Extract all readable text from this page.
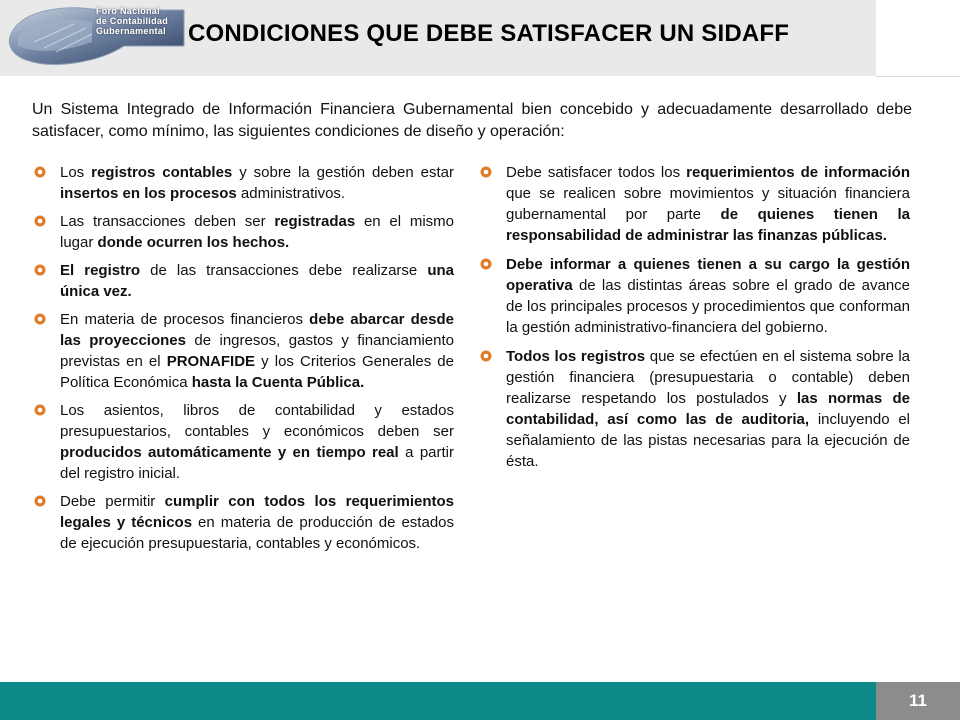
Foro Nacional
de Contabilidad
Gubernamental CONDICIONES QUE DEBE SATISFACER UN SIDAFF
Un Sistema Integrado de Información Financiera Gubernamental bien concebido y adecuadamente desarrollado debe satisfacer, como mínimo, las siguientes condiciones de diseño y operación:
Los registros contables y sobre la gestión deben estar insertos en los procesos administrativos.
Las transacciones deben ser registradas en el mismo lugar donde ocurren los hechos.
El registro de las transacciones debe realizarse una única vez.
En materia de procesos financieros debe abarcar desde las proyecciones de ingresos, gastos y financiamiento previstas en el PRONAFIDE y los Criterios Generales de Política Económica hasta la Cuenta Pública.
Los asientos, libros de contabilidad y estados presupuestarios, contables y económicos deben ser producidos automáticamente y en tiempo real a partir del registro inicial.
Debe permitir cumplir con todos los requerimientos legales y técnicos en materia de producción de estados de ejecución presupuestaria, contables y económicos.
Debe satisfacer todos los requerimientos de información que se realicen sobre movimientos y situación financiera gubernamental por parte de quienes tienen la responsabilidad de administrar las finanzas públicas.
Debe informar a quienes tienen a su cargo la gestión operativa de las distintas áreas sobre el grado de avance de los principales procesos y procedimientos que conforman la gestión administrativo-financiera del gobierno.
Todos los registros que se efectúen en el sistema sobre la gestión financiera (presupuestaria o contable) deben realizarse respetando los postulados y las normas de contabilidad, así como las de auditoria, incluyendo el señalamiento de las pistas necesarias para la ejecución de ésta.
11
